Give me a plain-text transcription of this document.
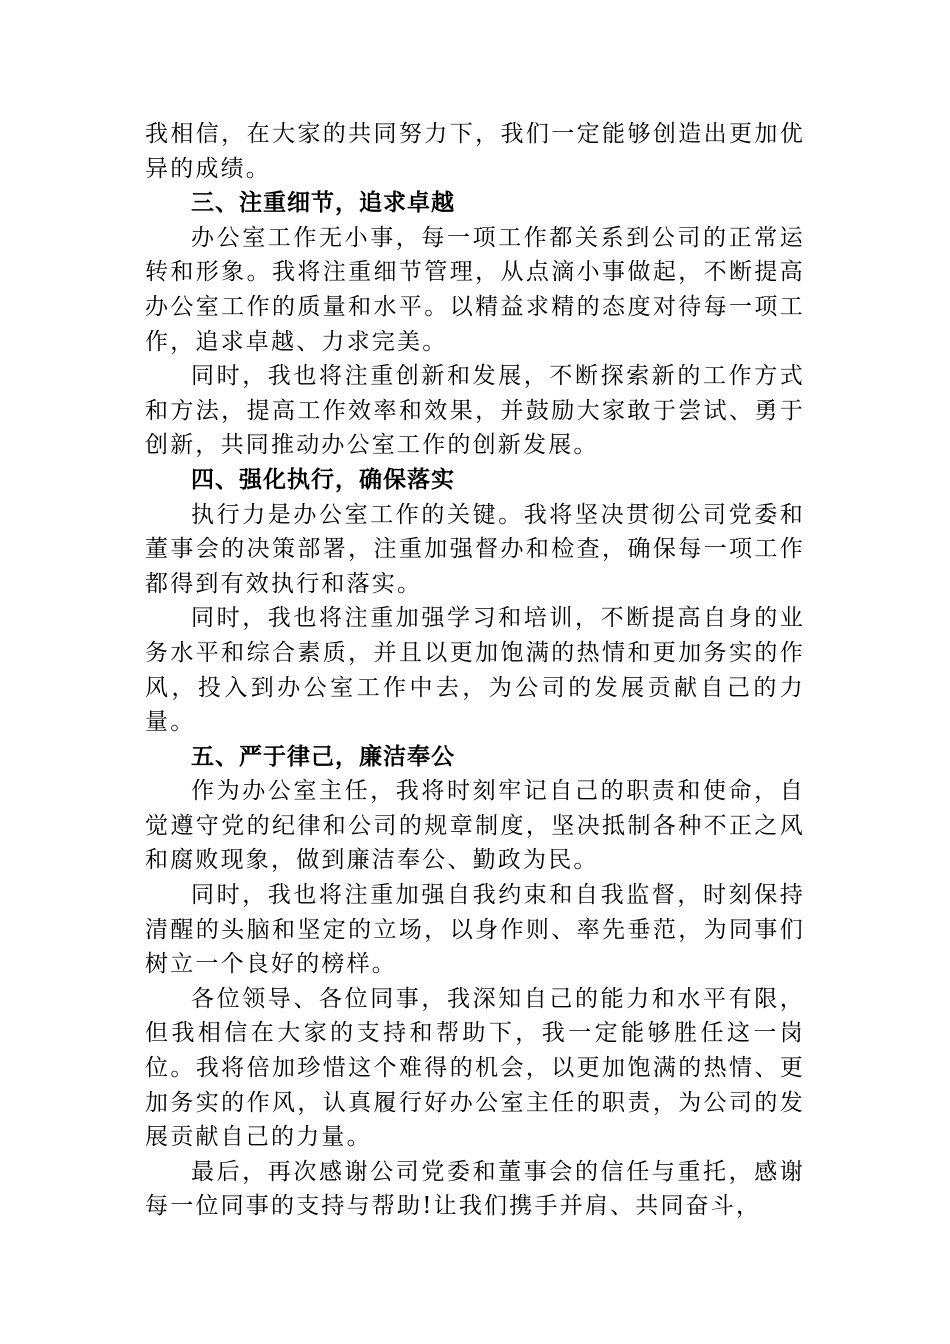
我相信，在大家的共同努力下，我们一定能够创造出更加优异的成绩。

三、注重细节，追求卓越

办公室工作无小事，每一项工作都关系到公司的正常运转和形象。我将注重细节管理，从点滴小事做起，不断提高办公室工作的质量和水平。以精益求精的态度对待每一项工作，追求卓越、力求完美。

同时，我也将注重创新和发展，不断探索新的工作方式和方法，提高工作效率和效果，并鼓励大家敢于尝试、勇于创新，共同推动办公室工作的创新发展。

四、强化执行，确保落实

执行力是办公室工作的关键。我将坚决贯彻公司党委和董事会的决策部署，注重加强督办和检查，确保每一项工作都得到有效执行和落实。

同时，我也将注重加强学习和培训，不断提高自身的业务水平和综合素质，并且以更加饱满的热情和更加务实的作风，投入到办公室工作中去，为公司的发展贡献自己的力量。

五、严于律己，廉洁奉公

作为办公室主任，我将时刻牢记自己的职责和使命，自觉遵守党的纪律和公司的规章制度，坚决抵制各种不正之风和腐败现象，做到廉洁奉公、勤政为民。

同时，我也将注重加强自我约束和自我监督，时刻保持清醒的头脑和坚定的立场，以身作则、率先垂范，为同事们树立一个良好的榜样。

各位领导、各位同事，我深知自己的能力和水平有限，但我相信在大家的支持和帮助下，我一定能够胜任这一岗位。我将倍加珍惜这个难得的机会，以更加饱满的热情、更加务实的作风，认真履行好办公室主任的职责，为公司的发展贡献自己的力量。

最后，再次感谢公司党委和董事会的信任与重托，感谢每一位同事的支持与帮助!让我们携手并肩、共同奋斗，
